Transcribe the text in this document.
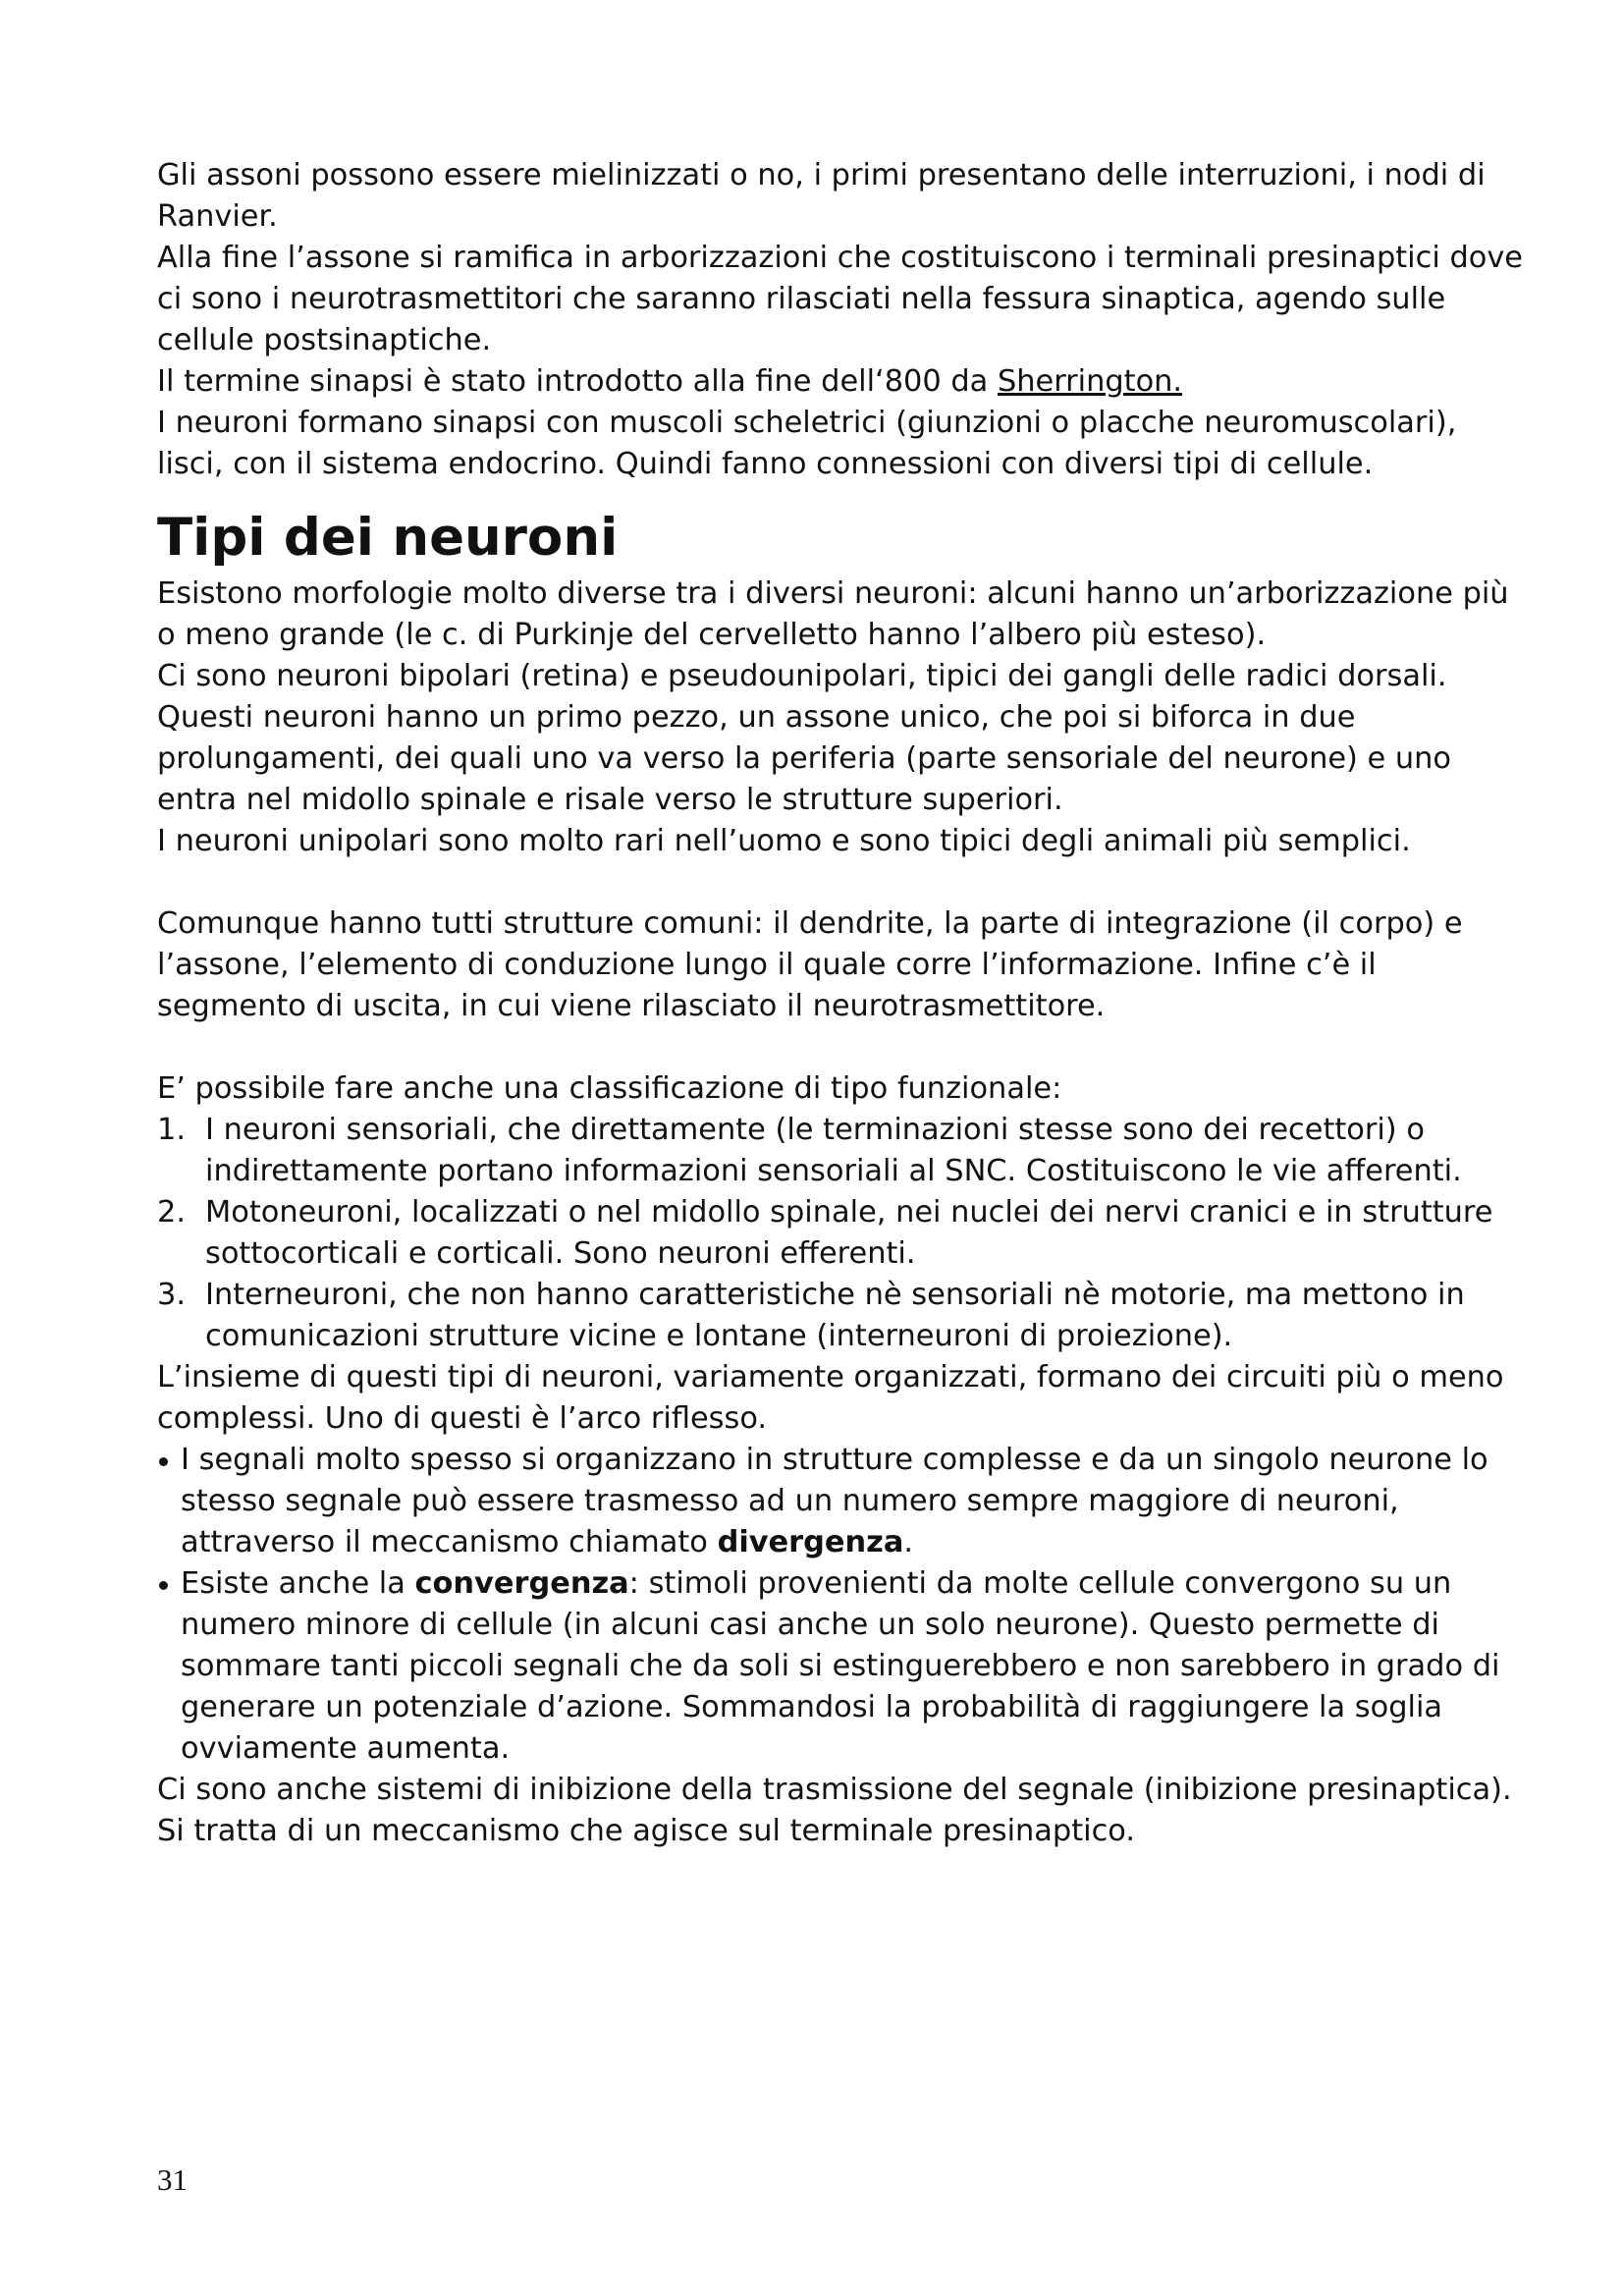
Gli assoni possono essere mielinizzati o no, i primi presentano delle interruzioni, i nodi di Ranvier.

Alla fine l’assone si ramifica in arborizzazioni che costituiscono i terminali presinaptici dove ci sono i neurotrasmettitori che saranno rilasciati nella fessura sinaptica, agendo sulle cellule postsinaptiche.

Il termine sinapsi è stato introdotto alla fine dell‘800 da Sherrington.

I neuroni formano sinapsi con muscoli scheletrici (giunzioni o placche neuromuscolari), lisci, con il sistema endocrino. Quindi fanno connessioni con diversi tipi di cellule.

Tipi dei neuroni

Esistono morfologie molto diverse tra i diversi neuroni: alcuni hanno un’arborizzazione più o meno grande (le c. di Purkinje del cervelletto hanno l’albero più esteso).

Ci sono neuroni bipolari (retina) e pseudounipolari, tipici dei gangli delle radici dorsali. Questi neuroni hanno un primo pezzo, un assone unico, che poi si biforca in due prolungamenti, dei quali uno va verso la periferia (parte sensoriale del neurone) e uno entra nel midollo spinale e risale verso le strutture superiori.

I neuroni unipolari sono molto rari nell’uomo e sono tipici degli animali più semplici.

Comunque hanno tutti strutture comuni: il dendrite, la parte di integrazione (il corpo) e l’assone, l’elemento di conduzione lungo il quale corre l’informazione. Infine c’è il segmento di uscita, in cui viene rilasciato il neurotrasmettitore.

E’ possibile fare anche una classificazione di tipo funzionale:

1. I neuroni sensoriali, che direttamente (le terminazioni stesse sono dei recettori) o indirettamente portano informazioni sensoriali al SNC. Costituiscono le vie afferenti.
2. Motoneuroni, localizzati o nel midollo spinale, nei nuclei dei nervi cranici e in strutture sottocorticali e corticali. Sono neuroni efferenti.
3. Interneuroni, che non hanno caratteristiche nè sensoriali nè motorie, ma mettono in comunicazioni strutture vicine e lontane (interneuroni di proiezione).

L’insieme di questi tipi di neuroni, variamente organizzati, formano dei circuiti più o meno complessi. Uno di questi è l’arco riflesso.

I segnali molto spesso si organizzano in strutture complesse e da un singolo neurone lo stesso segnale può essere trasmesso ad un numero sempre maggiore di neuroni, attraverso il meccanismo chiamato divergenza.
Esiste anche la convergenza: stimoli provenienti da molte cellule convergono su un numero minore di cellule (in alcuni casi anche un solo neurone). Questo permette di sommare tanti piccoli segnali che da soli si estinguerebbero e non sarebbero in grado di generare un potenziale d’azione. Sommandosi la probabilità di raggiungere la soglia ovviamente aumenta.

Ci sono anche sistemi di inibizione della trasmissione del segnale (inibizione presinaptica). Si tratta di un meccanismo che agisce sul terminale presinaptico.

31
